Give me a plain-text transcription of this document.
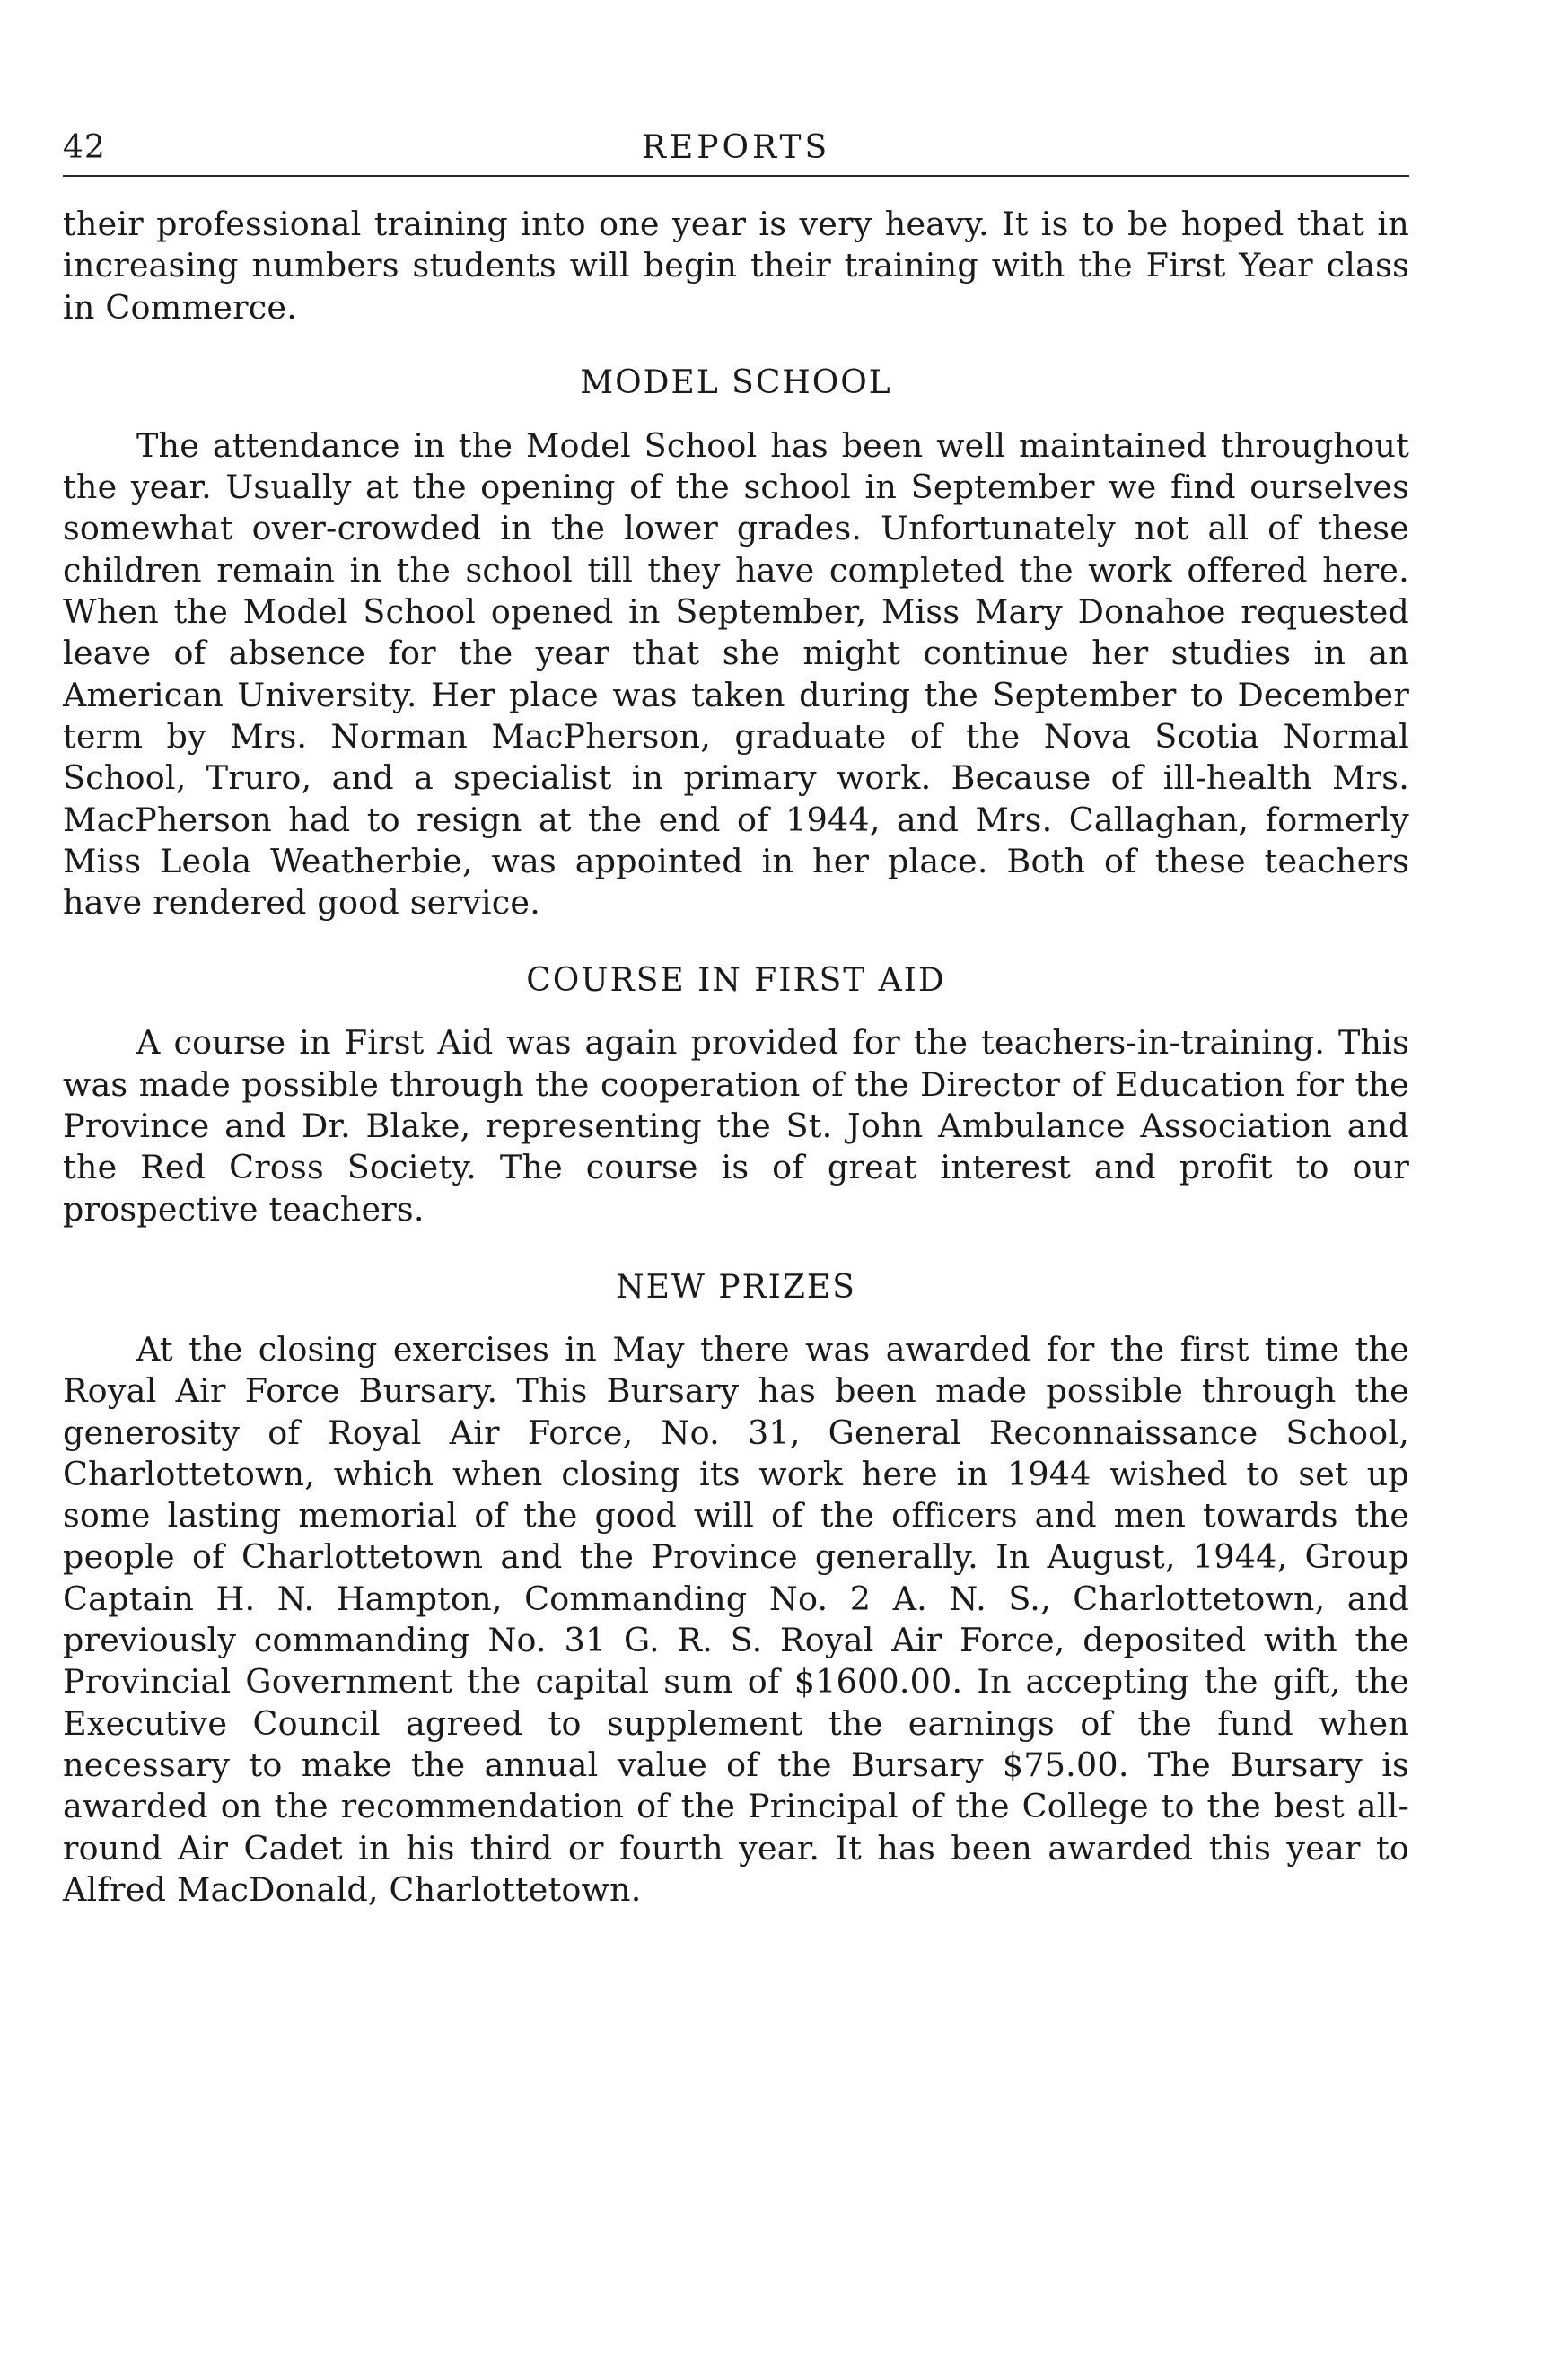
42	REPORTS

their professional training into one year is very heavy. It is to be hoped that in increasing numbers students will begin their training with the First Year class in Commerce.

MODEL SCHOOL

The attendance in the Model School has been well maintained throughout the year. Usually at the opening of the school in September we find ourselves somewhat over-crowded in the lower grades. Unfortunately not all of these children remain in the school till they have completed the work offered here. When the Model School opened in September, Miss Mary Donahoe requested leave of absence for the year that she might continue her studies in an American University. Her place was taken during the September to December term by Mrs. Norman MacPherson, graduate of the Nova Scotia Normal School, Truro, and a specialist in primary work. Because of ill-health Mrs. MacPherson had to resign at the end of 1944, and Mrs. Callaghan, formerly Miss Leola Weatherbie, was appointed in her place. Both of these teachers have rendered good service.

COURSE IN FIRST AID

A course in First Aid was again provided for the teachers-in-training. This was made possible through the cooperation of the Director of Education for the Province and Dr. Blake, representing the St. John Ambulance Association and the Red Cross Society. The course is of great interest and profit to our prospective teachers.

NEW PRIZES

At the closing exercises in May there was awarded for the first time the Royal Air Force Bursary. This Bursary has been made possible through the generosity of Royal Air Force, No. 31, General Reconnaissance School, Charlottetown, which when closing its work here in 1944 wished to set up some lasting memorial of the good will of the officers and men towards the people of Charlottetown and the Province generally. In August, 1944, Group Captain H. N. Hampton, Commanding No. 2 A. N. S., Charlottetown, and previously commanding No. 31 G. R. S. Royal Air Force, deposited with the Provincial Government the capital sum of $1600.00. In accepting the gift, the Executive Council agreed to supplement the earnings of the fund when necessary to make the annual value of the Bursary $75.00. The Bursary is awarded on the recommendation of the Principal of the College to the best all-round Air Cadet in his third or fourth year. It has been awarded this year to Alfred MacDonald, Charlottetown.
